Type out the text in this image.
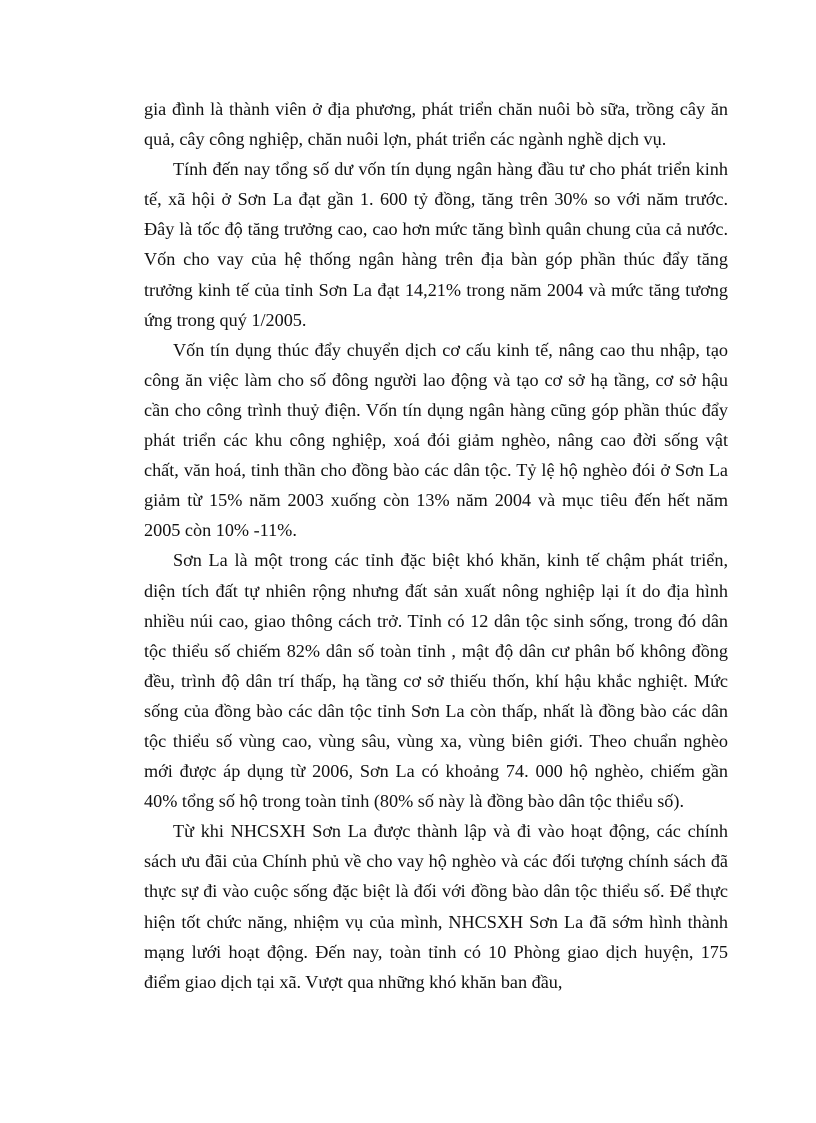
gia đình là thành viên ở địa phương, phát triển chăn nuôi bò sữa, trồng cây ăn quả, cây công nghiệp, chăn nuôi lợn, phát triển các ngành nghề dịch vụ.

Tính đến nay tổng số dư vốn tín dụng ngân hàng đầu tư cho phát triển kinh tế, xã hội ở Sơn La đạt gần 1. 600 tỷ đồng, tăng trên 30% so với năm trước. Đây là tốc độ tăng trưởng cao, cao hơn mức tăng bình quân chung của cả nước. Vốn cho vay của hệ thống ngân hàng trên địa bàn góp phần thúc đẩy tăng trưởng kinh tế của tỉnh Sơn La đạt 14,21% trong năm 2004 và mức tăng tương ứng trong quý 1/2005.

Vốn tín dụng thúc đẩy chuyển dịch cơ cấu kinh tế, nâng cao thu nhập, tạo công ăn việc làm cho số đông người lao động và tạo cơ sở hạ tầng, cơ sở hậu cần cho công trình thuỷ điện. Vốn tín dụng ngân hàng cũng góp phần thúc đẩy phát triển các khu công nghiệp, xoá đói giảm nghèo, nâng cao đời sống vật chất, văn hoá, tinh thần cho đồng bào các dân tộc. Tỷ lệ hộ nghèo đói ở Sơn La giảm từ 15% năm 2003 xuống còn 13% năm 2004 và mục tiêu đến hết năm 2005 còn 10% -11%.

Sơn La là một trong các tỉnh đặc biệt khó khăn, kinh tế chậm phát triển, diện tích đất tự nhiên rộng nhưng đất sản xuất nông nghiệp lại ít do địa hình nhiều núi cao, giao thông cách trở. Tỉnh có 12 dân tộc sinh sống, trong đó dân tộc thiểu số chiếm 82% dân số toàn tỉnh , mật độ dân cư phân bố không đồng đều, trình độ dân trí thấp, hạ tầng cơ sở thiếu thốn, khí hậu khắc nghiệt. Mức sống của đồng bào các dân tộc tỉnh Sơn La còn thấp, nhất là đồng bào các dân tộc thiểu số vùng cao, vùng sâu, vùng xa, vùng biên giới. Theo chuẩn nghèo mới được áp dụng từ 2006, Sơn La có khoảng 74. 000 hộ nghèo, chiếm gần 40% tổng số hộ trong toàn tỉnh (80% số này là đồng bào dân tộc thiểu số).

Từ khi NHCSXH Sơn La được thành lập và đi vào hoạt động, các chính sách ưu đãi của Chính phủ về cho vay hộ nghèo và các đối tượng chính sách đã thực sự đi vào cuộc sống đặc biệt là đối với đồng bào dân tộc thiểu số. Để thực hiện tốt chức năng, nhiệm vụ của mình, NHCSXH Sơn La đã sớm hình thành mạng lưới hoạt động. Đến nay, toàn tỉnh có 10 Phòng giao dịch huyện, 175 điểm giao dịch tại xã. Vượt qua những khó khăn ban đầu,
